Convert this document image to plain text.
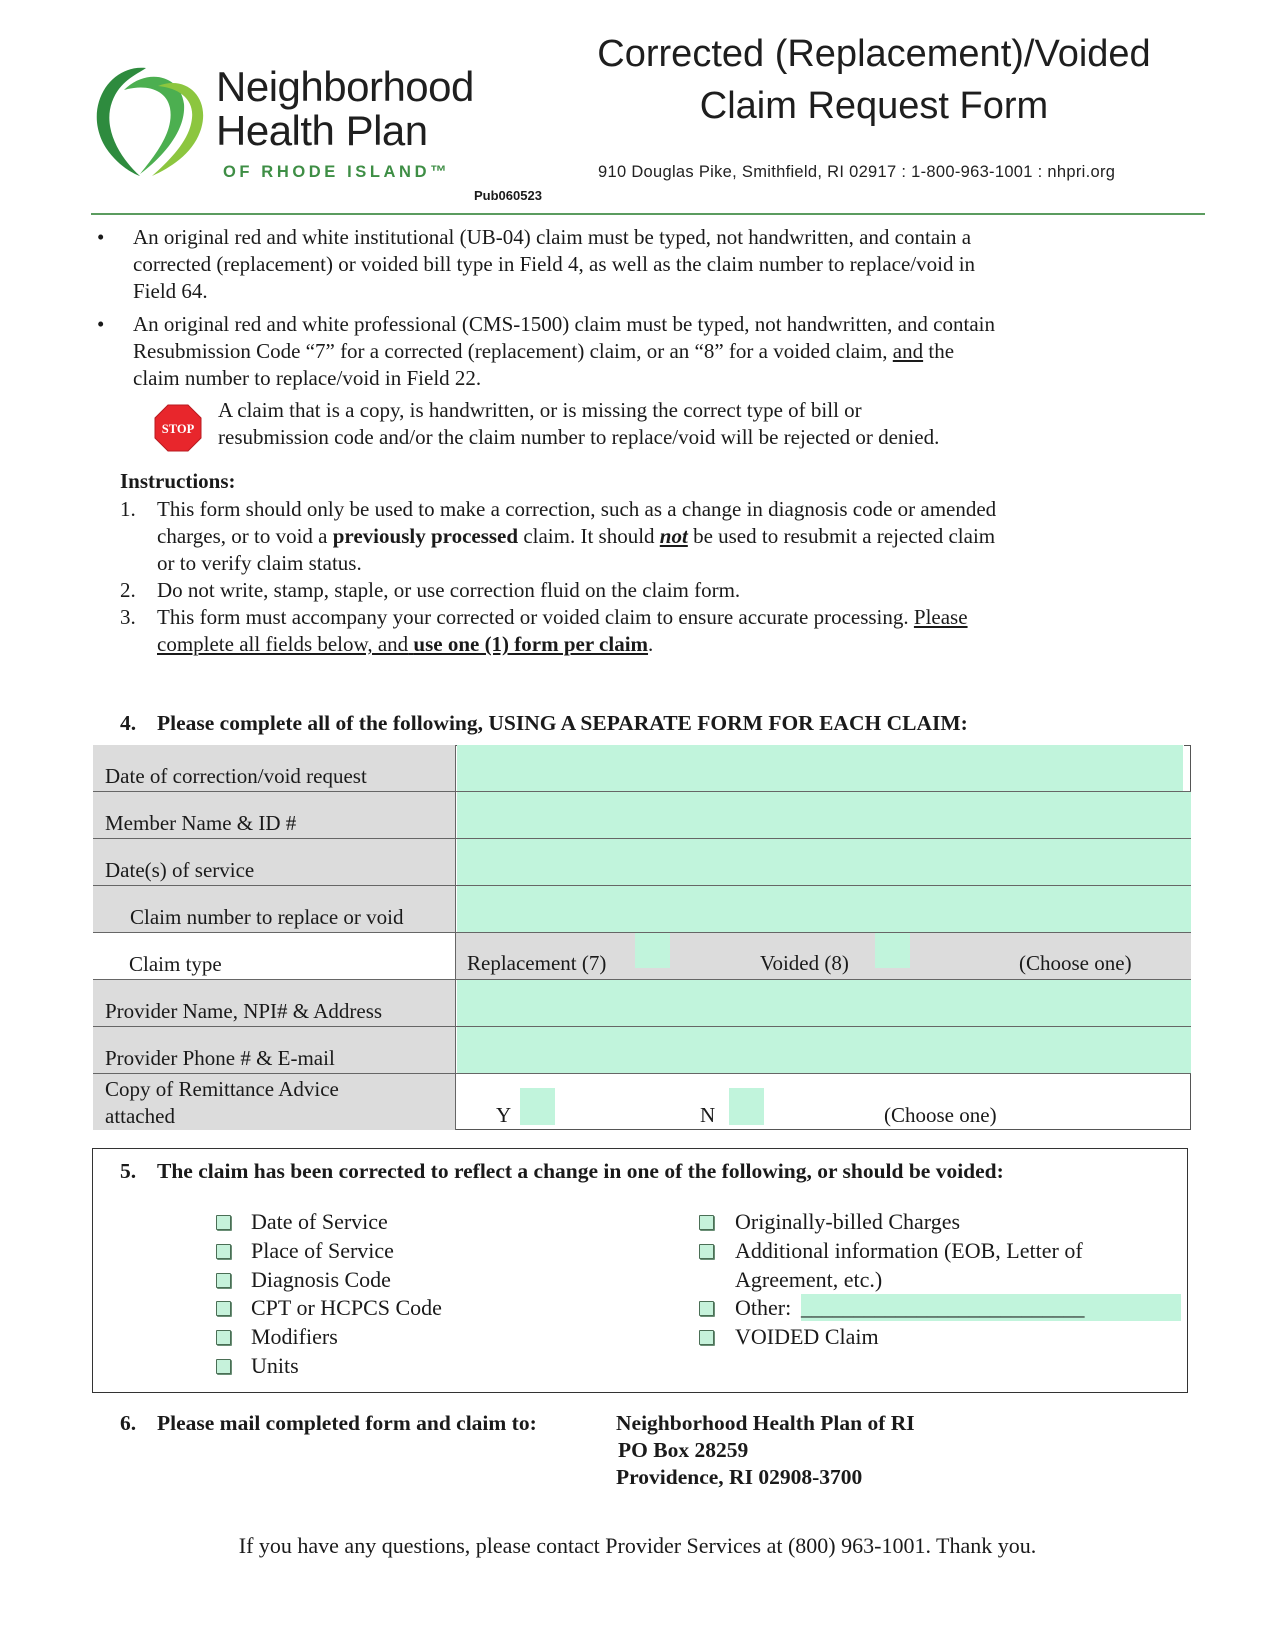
Neighborhood
Health Plan
OF RHODE ISLAND™
Pub060523
Corrected (Replacement)/Voided
Claim Request Form
910 Douglas Pike, Smithfield, RI 02917 : 1-800-963-1001 : nhpri.org
• An original red and white institutional (UB-04) claim must be typed, not handwritten, and contain a
corrected (replacement) or voided bill type in Field 4, as well as the claim number to replace/void in
Field 64.
• An original red and white professional (CMS-1500) claim must be typed, not handwritten, and contain
Resubmission Code “7” for a corrected (replacement) claim, or an “8” for a voided claim, and the
claim number to replace/void in Field 22.
STOP
A claim that is a copy, is handwritten, or is missing the correct type of bill or
resubmission code and/or the claim number to replace/void will be rejected or denied.
Instructions:
1. This form should only be used to make a correction, such as a change in diagnosis code or amended
charges, or to void a previously processed claim. It should not be used to resubmit a rejected claim
or to verify claim status.
2. Do not write, stamp, staple, or use correction fluid on the claim form.
3. This form must accompany your corrected or voided claim to ensure accurate processing. Please
complete all fields below, and use one (1) form per claim.
4. Please complete all of the following, USING A SEPARATE FORM FOR EACH CLAIM:
Date of correction/void request
Member Name & ID #
Date(s) of service
Claim number to replace or void
Claim type	Replacement (7)	Voided (8)	(Choose one)
Provider Name, NPI# & Address
Provider Phone # & E-mail
Copy of Remittance Advice
attached	Y	N	(Choose one)
5. The claim has been corrected to reflect a change in one of the following, or should be voided:
Date of Service
Place of Service
Diagnosis Code
CPT or HCPCS Code
Modifiers
Units
Originally-billed Charges
Additional information (EOB, Letter of
Agreement, etc.)
Other: ___________________________
VOIDED Claim
6. Please mail completed form and claim to:	Neighborhood Health Plan of RI
PO Box 28259
Providence, RI 02908-3700
If you have any questions, please contact Provider Services at (800) 963-1001. Thank you.
